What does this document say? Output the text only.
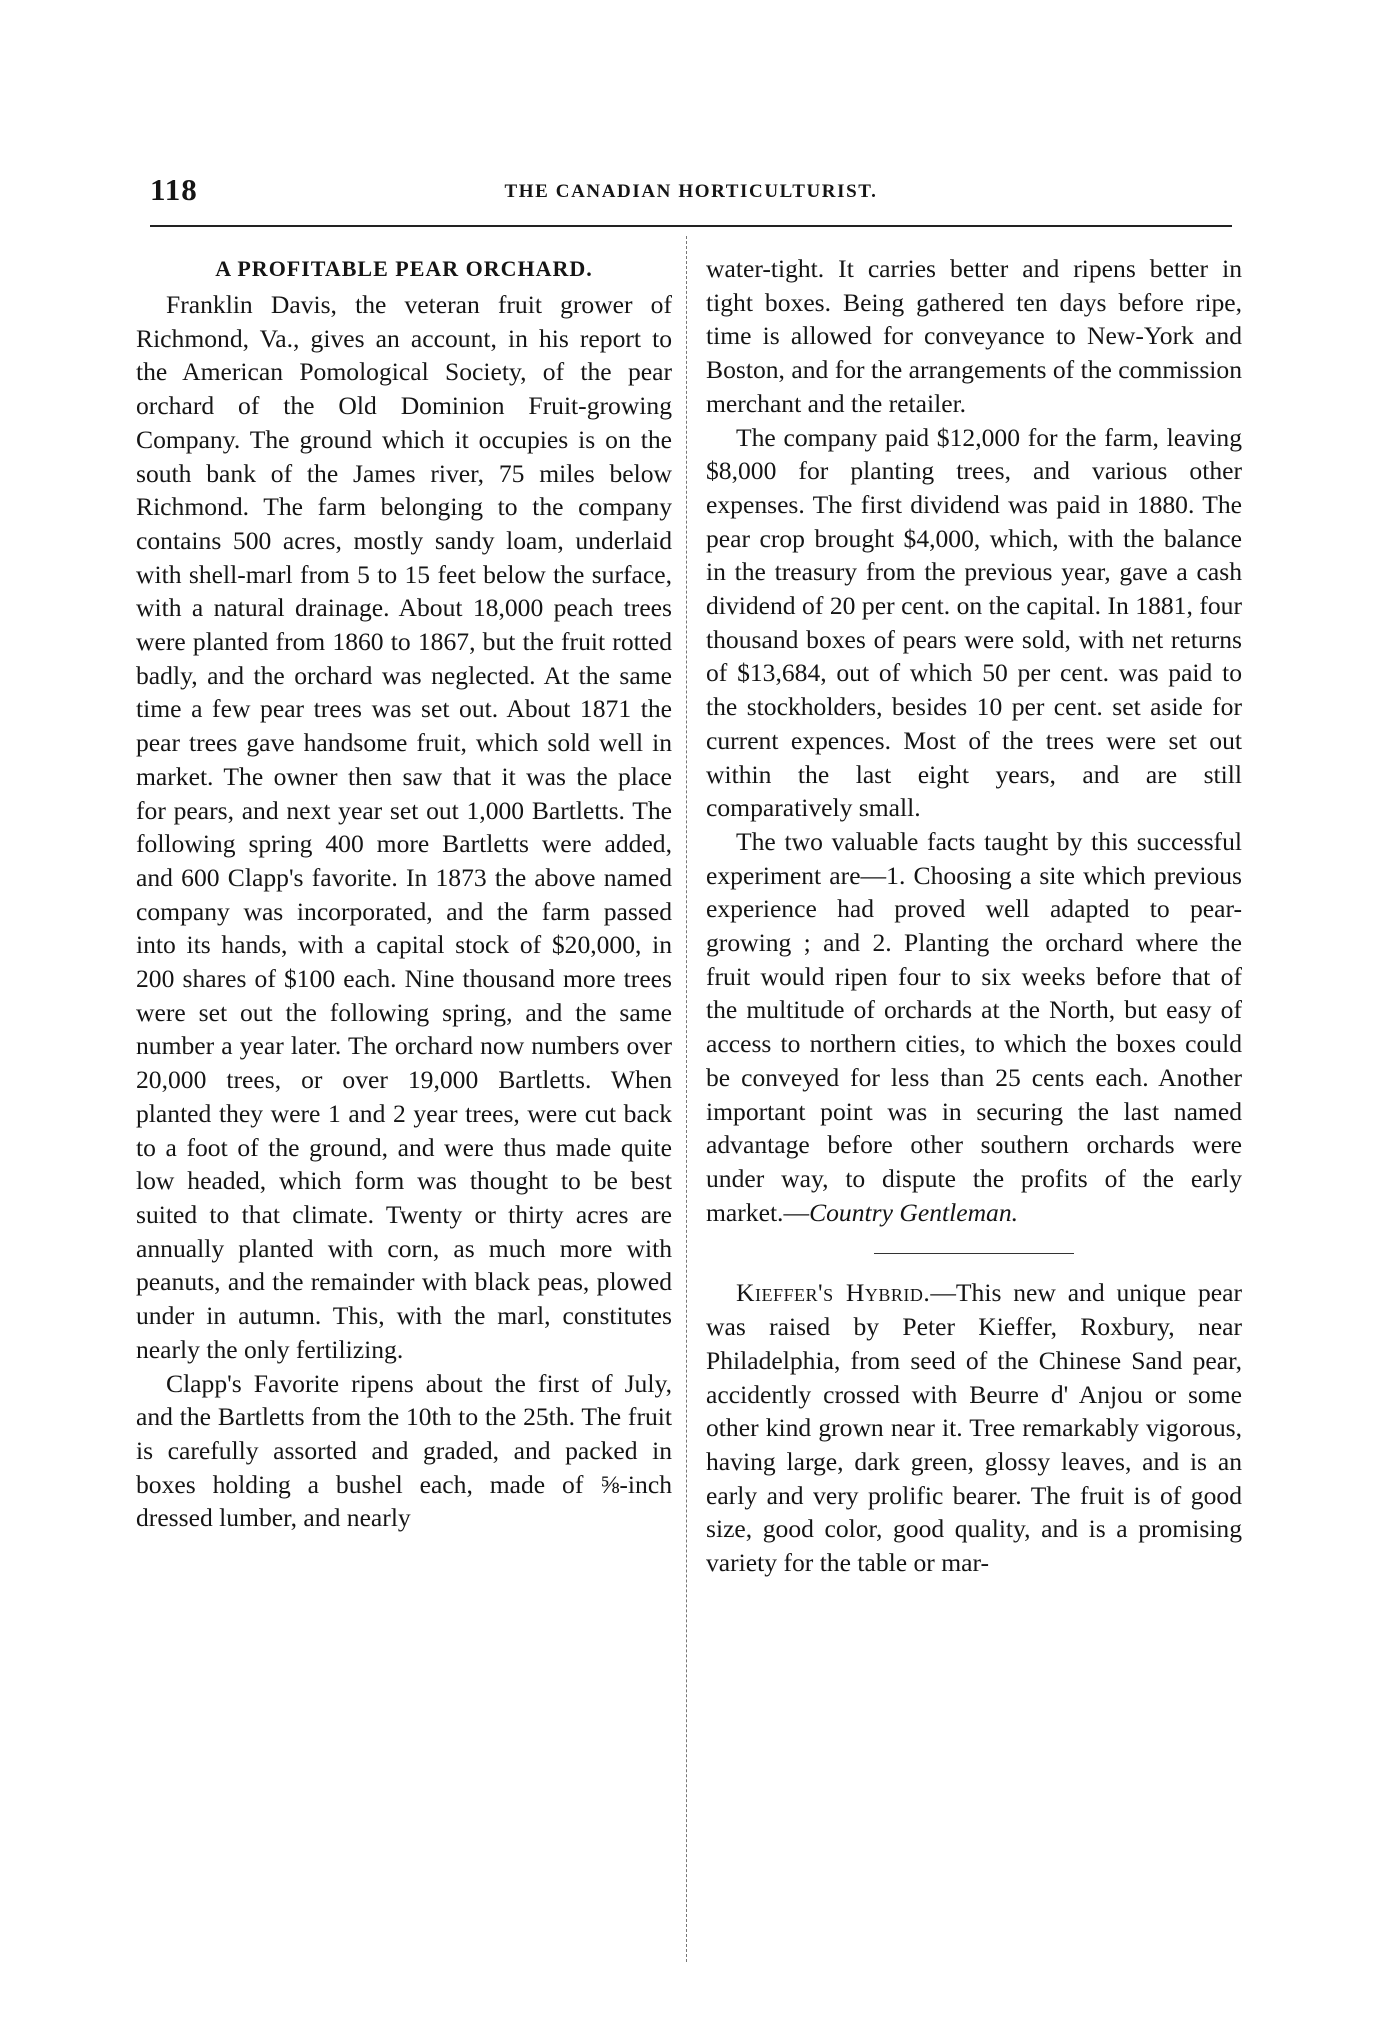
118	THE CANADIAN HORTICULTURIST.
A PROFITABLE PEAR ORCHARD.

Franklin Davis, the veteran fruit grower of Richmond, Va., gives an account, in his report to the American Pomological Society, of the pear orchard of the Old Dominion Fruit-growing Company. The ground which it occupies is on the south bank of the James river, 75 miles below Richmond. The farm belonging to the company contains 500 acres, mostly sandy loam, underlaid with shell-marl from 5 to 15 feet below the surface, with a natural drainage. About 18,000 peach trees were planted from 1860 to 1867, but the fruit rotted badly, and the orchard was neglected. At the same time a few pear trees was set out. About 1871 the pear trees gave handsome fruit, which sold well in market. The owner then saw that it was the place for pears, and next year set out 1,000 Bartletts. The following spring 400 more Bartletts were added, and 600 Clapp's favorite. In 1873 the above named company was incorporated, and the farm passed into its hands, with a capital stock of $20,000, in 200 shares of $100 each. Nine thousand more trees were set out the following spring, and the same number a year later. The orchard now numbers over 20,000 trees, or over 19,000 Bartletts. When planted they were 1 and 2 year trees, were cut back to a foot of the ground, and were thus made quite low headed, which form was thought to be best suited to that climate. Twenty or thirty acres are annually planted with corn, as much more with peanuts, and the remainder with black peas, plowed under in autumn. This, with the marl, constitutes nearly the only fertilizing.

Clapp's Favorite ripens about the first of July, and the Bartletts from the 10th to the 25th. The fruit is carefully assorted and graded, and packed in boxes holding a bushel each, made of ⅝-inch dressed lumber, and nearly

water-tight. It carries better and ripens better in tight boxes. Being gathered ten days before ripe, time is allowed for conveyance to New-York and Boston, and for the arrangements of the commission merchant and the retailer.

The company paid $12,000 for the farm, leaving $8,000 for planting trees, and various other expenses. The first dividend was paid in 1880. The pear crop brought $4,000, which, with the balance in the treasury from the previous year, gave a cash dividend of 20 per cent. on the capital. In 1881, four thousand boxes of pears were sold, with net returns of $13,684, out of which 50 per cent. was paid to the stockholders, besides 10 per cent. set aside for current expences. Most of the trees were set out within the last eight years, and are still comparatively small.

The two valuable facts taught by this successful experiment are—1. Choosing a site which previous experience had proved well adapted to pear-growing ; and 2. Planting the orchard where the fruit would ripen four to six weeks before that of the multitude of orchards at the North, but easy of access to northern cities, to which the boxes could be conveyed for less than 25 cents each. Another important point was in securing the last named advantage before other southern orchards were under way, to dispute the profits of the early market.—Country Gentleman.

Kieffer's Hybrid.—This new and unique pear was raised by Peter Kieffer, Roxbury, near Philadelphia, from seed of the Chinese Sand pear, accidently crossed with Beurre d' Anjou or some other kind grown near it. Tree remarkably vigorous, having large, dark green, glossy leaves, and is an early and very prolific bearer. The fruit is of good size, good color, good quality, and is a promising variety for the table or mar-
